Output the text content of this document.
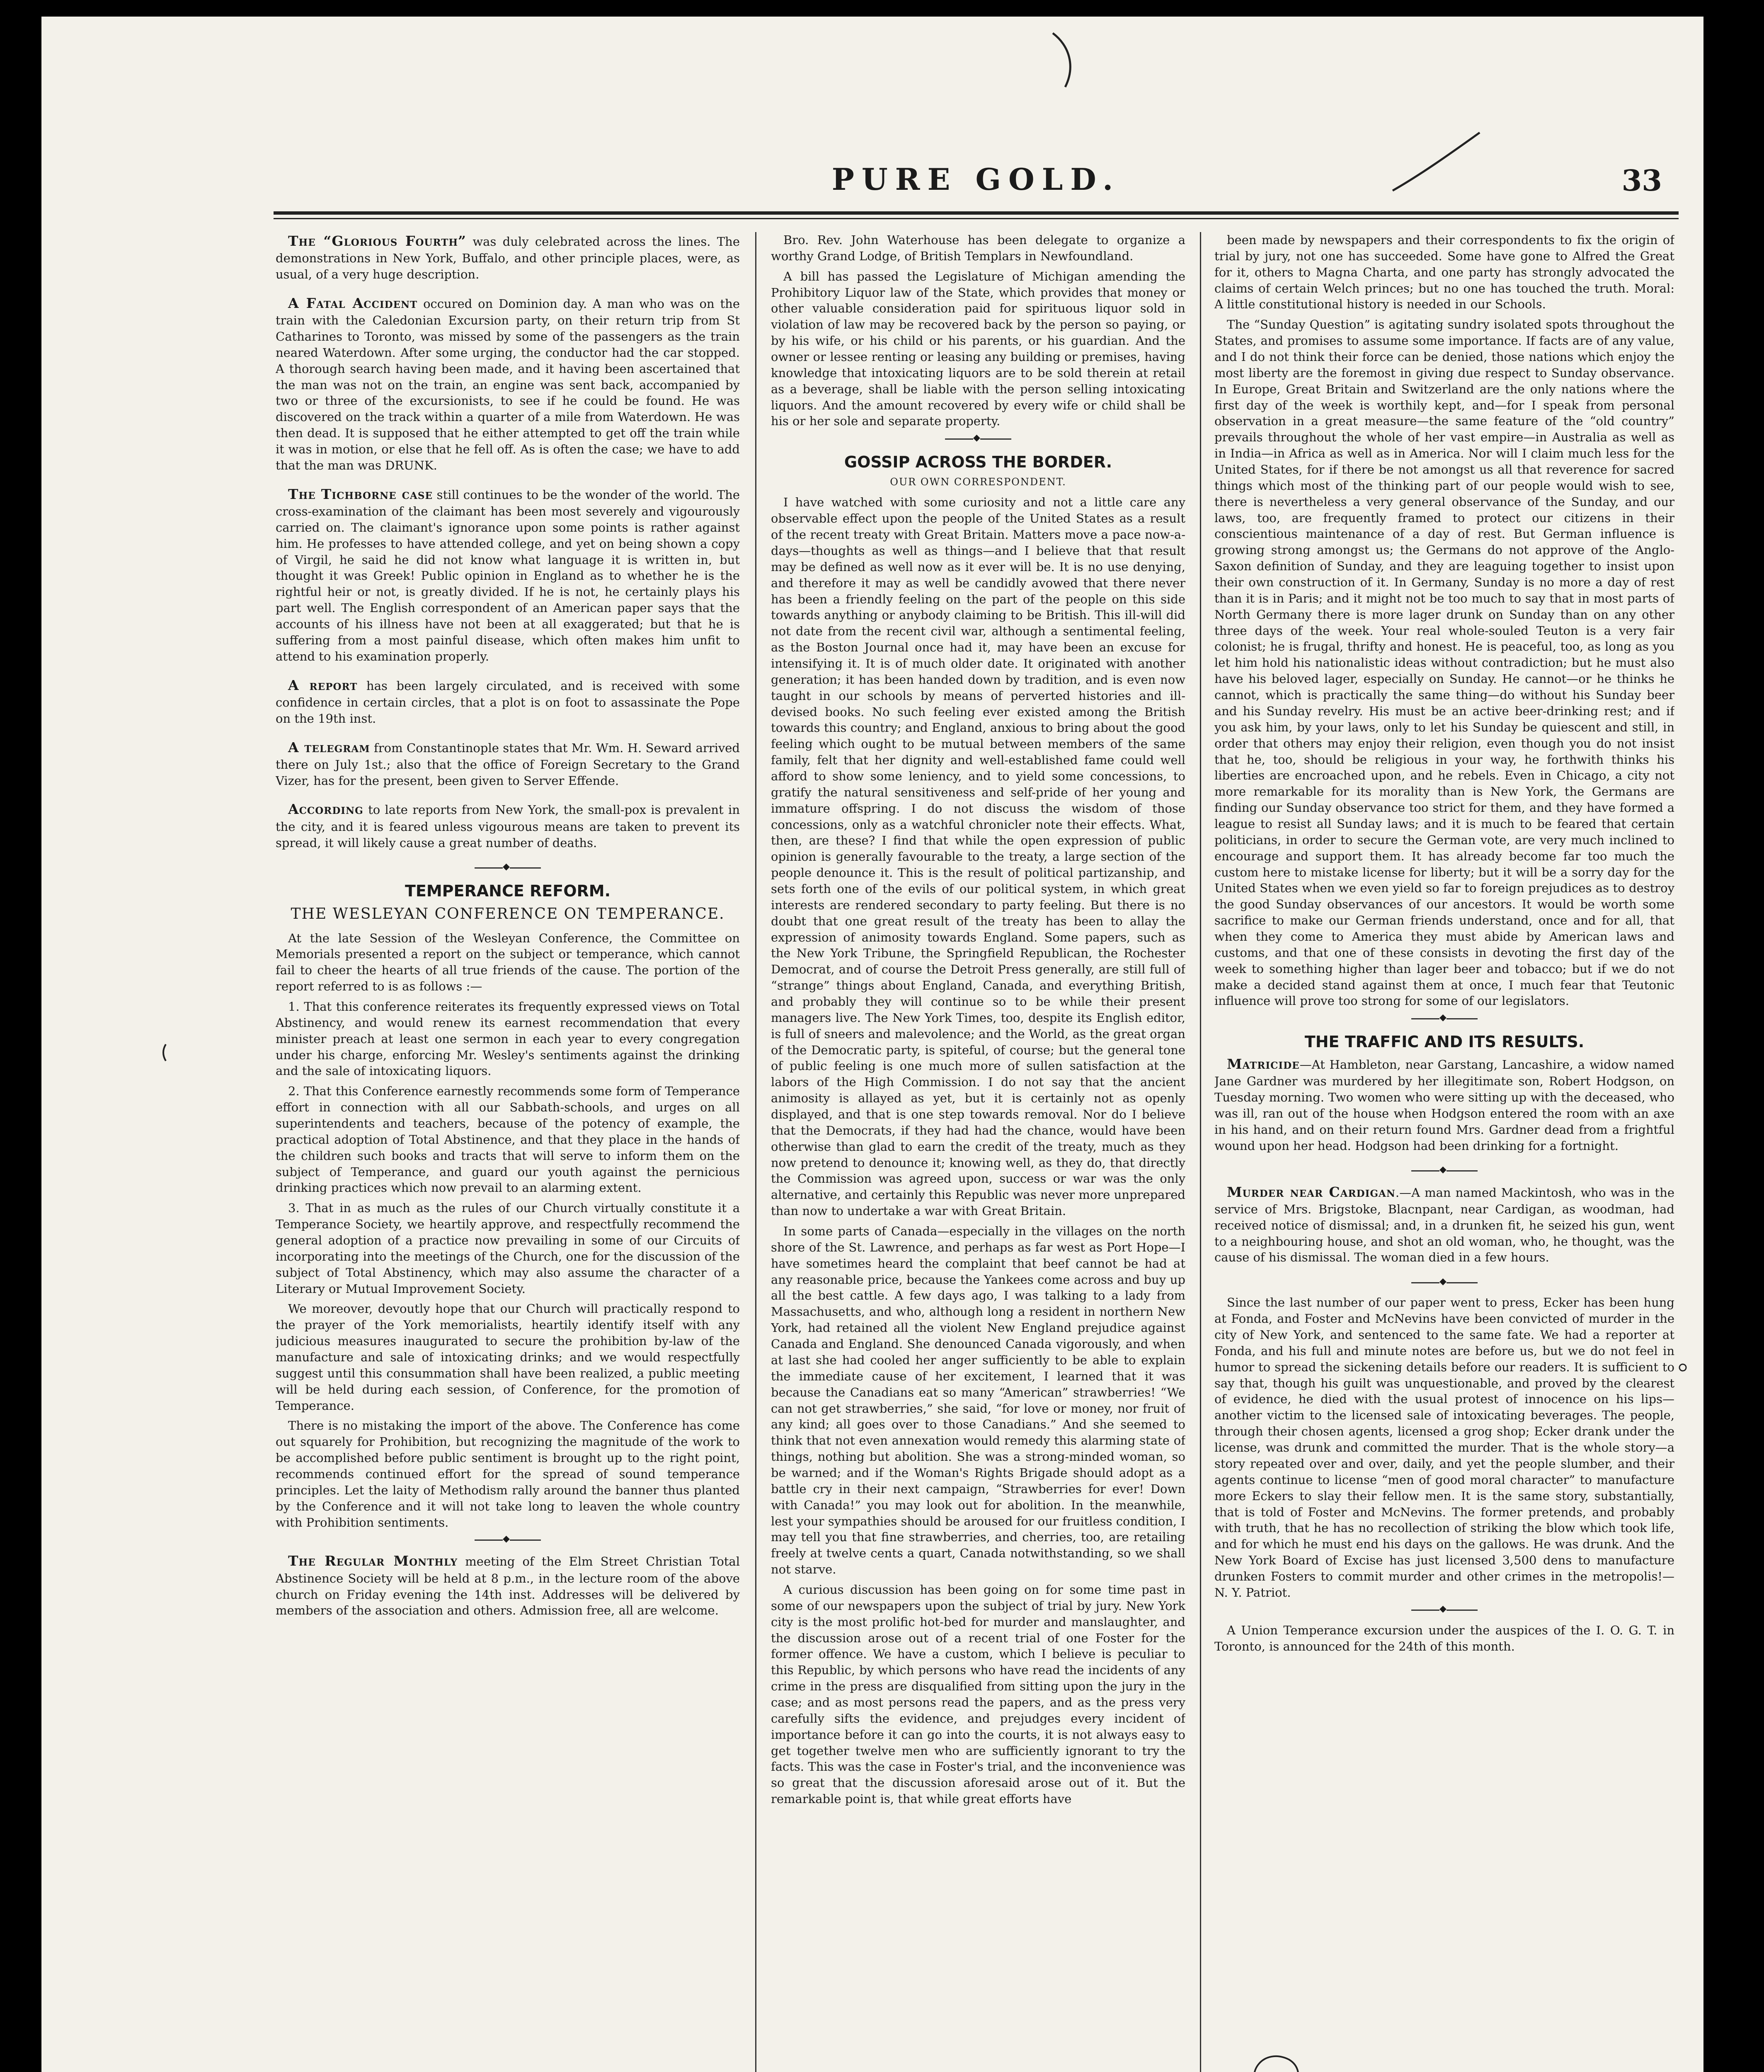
PURE GOLD.	33
The “Glorious Fourth” was duly celebrated across the lines. The demonstrations in New York, Buffalo, and other principle places, were, as usual, of a very huge description.
A Fatal Accident occured on Dominion day. A man who was on the train with the Caledonian Excursion party, on their return trip from St Catharines to Toronto, was missed by some of the passengers as the train neared Waterdown. After some urging, the conductor had the car stopped. A thorough search having been made, and it having been ascertained that the man was not on the train, an engine was sent back, accompanied by two or three of the excursionists, to see if he could be found. He was discovered on the track within a quarter of a mile from Waterdown. He was then dead. It is supposed that he either attempted to get off the train while it was in motion, or else that he fell off. As is often the case; we have to add that the man was DRUNK.
The Tichborne case still continues to be the wonder of the world. The cross-examination of the claimant has been most severely and vigourously carried on. The claimant's ignorance upon some points is rather against him. He professes to have attended college, and yet on being shown a copy of Virgil, he said he did not know what language it is written in, but thought it was Greek! Public opinion in England as to whether he is the rightful heir or not, is greatly divided. If he is not, he certainly plays his part well. The English correspondent of an American paper says that the accounts of his illness have not been at all exaggerated; but that he is suffering from a most painful disease, which often makes him unfit to attend to his examination properly.
A report has been largely circulated, and is received with some confidence in certain circles, that a plot is on foot to assassinate the Pope on the 19th inst.
A telegram from Constantinople states that Mr. Wm. H. Seward arrived there on July 1st.; also that the office of Foreign Secretary to the Grand Vizer, has for the present, been given to Server Effende.
According to late reports from New York, the small-pox is prevalent in the city, and it is feared unless vigourous means are taken to prevent its spread, it will likely cause a great number of deaths.
◆
TEMPERANCE REFORM.
THE WESLEYAN CONFERENCE ON TEMPERANCE.

At the late Session of the Wesleyan Conference, the Committee on Memorials presented a report on the subject or temperance, which cannot fail to cheer the hearts of all true friends of the cause. The portion of the report referred to is as follows :—

1. That this conference reiterates its frequently expressed views on Total Abstinency, and would renew its earnest recommendation that every minister preach at least one sermon in each year to every congregation under his charge, enforcing Mr. Wesley's sentiments against the drinking and the sale of intoxicating liquors.

2. That this Conference earnestly recommends some form of Temperance effort in connection with all our Sabbath-schools, and urges on all superintendents and teachers, because of the potency of example, the practical adoption of Total Abstinence, and that they place in the hands of the children such books and tracts that will serve to inform them on the subject of Temperance, and guard our youth against the pernicious drinking practices which now prevail to an alarming extent.

3. That in as much as the rules of our Church virtually constitute it a Temperance Society, we heartily approve, and respectfully recommend the general adoption of a practice now prevailing in some of our Circuits of incorporating into the meetings of the Church, one for the discussion of the subject of Total Abstinency, which may also assume the character of a Literary or Mutual Improvement Society.

We moreover, devoutly hope that our Church will practically respond to the prayer of the York memorialists, heartily identify itself with any judicious measures inaugurated to secure the prohibition by-law of the manufacture and sale of intoxicating drinks; and we would respectfully suggest until this consummation shall have been realized, a public meeting will be held during each session, of Conference, for the promotion of Temperance.

There is no mistaking the import of the above. The Conference has come out squarely for Prohibition, but recognizing the magnitude of the work to be accomplished before public sentiment is brought up to the right point, recommends continued effort for the spread of sound temperance principles. Let the laity of Methodism rally around the banner thus planted by the Conference and it will not take long to leaven the whole country with Prohibition sentiments.

◆
The Regular Monthly meeting of the Elm Street Christian Total Abstinence Society will be held at 8 p.m., in the lecture room of the above church on Friday evening the 14th inst. Addresses will be delivered by members of the association and others. Admission free, all are welcome.

Bro. Rev. John Waterhouse has been delegate to organize a worthy Grand Lodge, of British Templars in Newfoundland.

A bill has passed the Legislature of Michigan amending the Prohibitory Liquor law of the State, which provides that money or other valuable consideration paid for spirituous liquor sold in violation of law may be recovered back by the person so paying, or by his wife, or his child or his parents, or his guardian. And the owner or lessee renting or leasing any building or premises, having knowledge that intoxicating liquors are to be sold therein at retail as a beverage, shall be liable with the person selling intoxicating liquors. And the amount recovered by every wife or child shall be his or her sole and separate property.

◆
GOSSIP ACROSS THE BORDER.
OUR OWN CORRESPONDENT.

I have watched with some curiosity and not a little care any observable effect upon the people of the United States as a result of the recent treaty with Great Britain. Matters move a pace now-a-days—thoughts as well as things—and I believe that that result may be defined as well now as it ever will be. It is no use denying, and therefore it may as well be candidly avowed that there never has been a friendly feeling on the part of the people on this side towards anything or anybody claiming to be British. This ill-will did not date from the recent civil war, although a sentimental feeling, as the Boston Journal once had it, may have been an excuse for intensifying it. It is of much older date. It originated with another generation; it has been handed down by tradition, and is even now taught in our schools by means of perverted histories and ill-devised books. No such feeling ever existed among the British towards this country; and England, anxious to bring about the good feeling which ought to be mutual between members of the same family, felt that her dignity and well-established fame could well afford to show some leniency, and to yield some concessions, to gratify the natural sensitiveness and self-pride of her young and immature offspring. I do not discuss the wisdom of those concessions, only as a watchful chronicler note their effects. What, then, are these? I find that while the open expression of public opinion is generally favourable to the treaty, a large section of the people denounce it. This is the result of political partizanship, and sets forth one of the evils of our political system, in which great interests are rendered secondary to party feeling. But there is no doubt that one great result of the treaty has been to allay the expression of animosity towards England. Some papers, such as the New York Tribune, the Springfield Republican, the Rochester Democrat, and of course the Detroit Press generally, are still full of “strange” things about England, Canada, and everything British, and probably they will continue so to be while their present managers live. The New York Times, too, despite its English editor, is full of sneers and malevolence; and the World, as the great organ of the Democratic party, is spiteful, of course; but the general tone of public feeling is one much more of sullen satisfaction at the labors of the High Commission. I do not say that the ancient animosity is allayed as yet, but it is certainly not as openly displayed, and that is one step towards removal. Nor do I believe that the Democrats, if they had had the chance, would have been otherwise than glad to earn the credit of the treaty, much as they now pretend to denounce it; knowing well, as they do, that directly the Commission was agreed upon, success or war was the only alternative, and certainly this Republic was never more unprepared than now to undertake a war with Great Britain.

In some parts of Canada—especially in the villages on the north shore of the St. Lawrence, and perhaps as far west as Port Hope—I have sometimes heard the complaint that beef cannot be had at any reasonable price, because the Yankees come across and buy up all the best cattle. A few days ago, I was talking to a lady from Massachusetts, and who, although long a resident in northern New York, had retained all the violent New England prejudice against Canada and England. She denounced Canada vigorously, and when at last she had cooled her anger sufficiently to be able to explain the immediate cause of her excitement, I learned that it was because the Canadians eat so many “American” strawberries! “We can not get strawberries,” she said, “for love or money, nor fruit of any kind; all goes over to those Canadians.” And she seemed to think that not even annexation would remedy this alarming state of things, nothing but abolition. She was a strong-minded woman, so be warned; and if the Woman's Rights Brigade should adopt as a battle cry in their next campaign, “Strawberries for ever! Down with Canada!” you may look out for abolition. In the meanwhile, lest your sympathies should be aroused for our fruitless condition, I may tell you that fine strawberries, and cherries, too, are retailing freely at twelve cents a quart, Canada notwithstanding, so we shall not starve.

A curious discussion has been going on for some time past in some of our newspapers upon the subject of trial by jury. New York city is the most prolific hot-bed for murder and manslaughter, and the discussion arose out of a recent trial of one Foster for the former offence. We have a custom, which I believe is peculiar to this Republic, by which persons who have read the incidents of any crime in the press are disqualified from sitting upon the jury in the case; and as most persons read the papers, and as the press very carefully sifts the evidence, and prejudges every incident of importance before it can go into the courts, it is not always easy to get together twelve men who are sufficiently ignorant to try the facts. This was the case in Foster's trial, and the inconvenience was so great that the discussion aforesaid arose out of it. But the remarkable point is, that while great efforts have

been made by newspapers and their correspondents to fix the origin of trial by jury, not one has succeeded. Some have gone to Alfred the Great for it, others to Magna Charta, and one party has strongly advocated the claims of certain Welch princes; but no one has touched the truth. Moral: A little constitutional history is needed in our Schools.

The “Sunday Question” is agitating sundry isolated spots throughout the States, and promises to assume some importance. If facts are of any value, and I do not think their force can be denied, those nations which enjoy the most liberty are the foremost in giving due respect to Sunday observance. In Europe, Great Britain and Switzerland are the only nations where the first day of the week is worthily kept, and—for I speak from personal observation in a great measure—the same feature of the “old country” prevails throughout the whole of her vast empire—in Australia as well as in India—in Africa as well as in America. Nor will I claim much less for the United States, for if there be not amongst us all that reverence for sacred things which most of the thinking part of our people would wish to see, there is nevertheless a very general observance of the Sunday, and our laws, too, are frequently framed to protect our citizens in their conscientious maintenance of a day of rest. But German influence is growing strong amongst us; the Germans do not approve of the Anglo-Saxon definition of Sunday, and they are leaguing together to insist upon their own construction of it. In Germany, Sunday is no more a day of rest than it is in Paris; and it might not be too much to say that in most parts of North Germany there is more lager drunk on Sunday than on any other three days of the week. Your real whole-souled Teuton is a very fair colonist; he is frugal, thrifty and honest. He is peaceful, too, as long as you let him hold his nationalistic ideas without contradiction; but he must also have his beloved lager, especially on Sunday. He cannot—or he thinks he cannot, which is practically the same thing—do without his Sunday beer and his Sunday revelry. His must be an active beer-drinking rest; and if you ask him, by your laws, only to let his Sunday be quiescent and still, in order that others may enjoy their religion, even though you do not insist that he, too, should be religious in your way, he forthwith thinks his liberties are encroached upon, and he rebels. Even in Chicago, a city not more remarkable for its morality than is New York, the Germans are finding our Sunday observance too strict for them, and they have formed a league to resist all Sunday laws; and it is much to be feared that certain politicians, in order to secure the German vote, are very much inclined to encourage and support them. It has already become far too much the custom here to mistake license for liberty; but it will be a sorry day for the United States when we even yield so far to foreign prejudices as to destroy the good Sunday observances of our ancestors. It would be worth some sacrifice to make our German friends understand, once and for all, that when they come to America they must abide by American laws and customs, and that one of these consists in devoting the first day of the week to something higher than lager beer and tobacco; but if we do not make a decided stand against them at once, I much fear that Teutonic influence will prove too strong for some of our legislators.

◆
THE TRAFFIC AND ITS RESULTS.
Matricide—At Hambleton, near Garstang, Lancashire, a widow named Jane Gardner was murdered by her illegitimate son, Robert Hodgson, on Tuesday morning. Two women who were sitting up with the deceased, who was ill, ran out of the house when Hodgson entered the room with an axe in his hand, and on their return found Mrs. Gardner dead from a frightful wound upon her head. Hodgson had been drinking for a fortnight.
◆
Murder near Cardigan.—A man named Mackintosh, who was in the service of Mrs. Brigstoke, Blacnpant, near Cardigan, as woodman, had received notice of dismissal; and, in a drunken fit, he seized his gun, went to a neighbouring house, and shot an old woman, who, he thought, was the cause of his dismissal. The woman died in a few hours.
◆

Since the last number of our paper went to press, Ecker has been hung at Fonda, and Foster and McNevins have been convicted of murder in the city of New York, and sentenced to the same fate. We had a reporter at Fonda, and his full and minute notes are before us, but we do not feel in humor to spread the sickening details before our readers. It is sufficient to say that, though his guilt was unquestionable, and proved by the clearest of evidence, he died with the usual protest of innocence on his lips—another victim to the licensed sale of intoxicating beverages. The people, through their chosen agents, licensed a grog shop; Ecker drank under the license, was drunk and committed the murder. That is the whole story—a story repeated over and over, daily, and yet the people slumber, and their agents continue to license “men of good moral character” to manufacture more Eckers to slay their fellow men. It is the same story, substantially, that is told of Foster and McNevins. The former pretends, and probably with truth, that he has no recollection of striking the blow which took life, and for which he must end his days on the gallows. He was drunk. And the New York Board of Excise has just licensed 3,500 dens to manufacture drunken Fosters to commit murder and other crimes in the metropolis!—N. Y. Patriot.

◆

A Union Temperance excursion under the auspices of the I. O. G. T. in Toronto, is announced for the 24th of this month.
